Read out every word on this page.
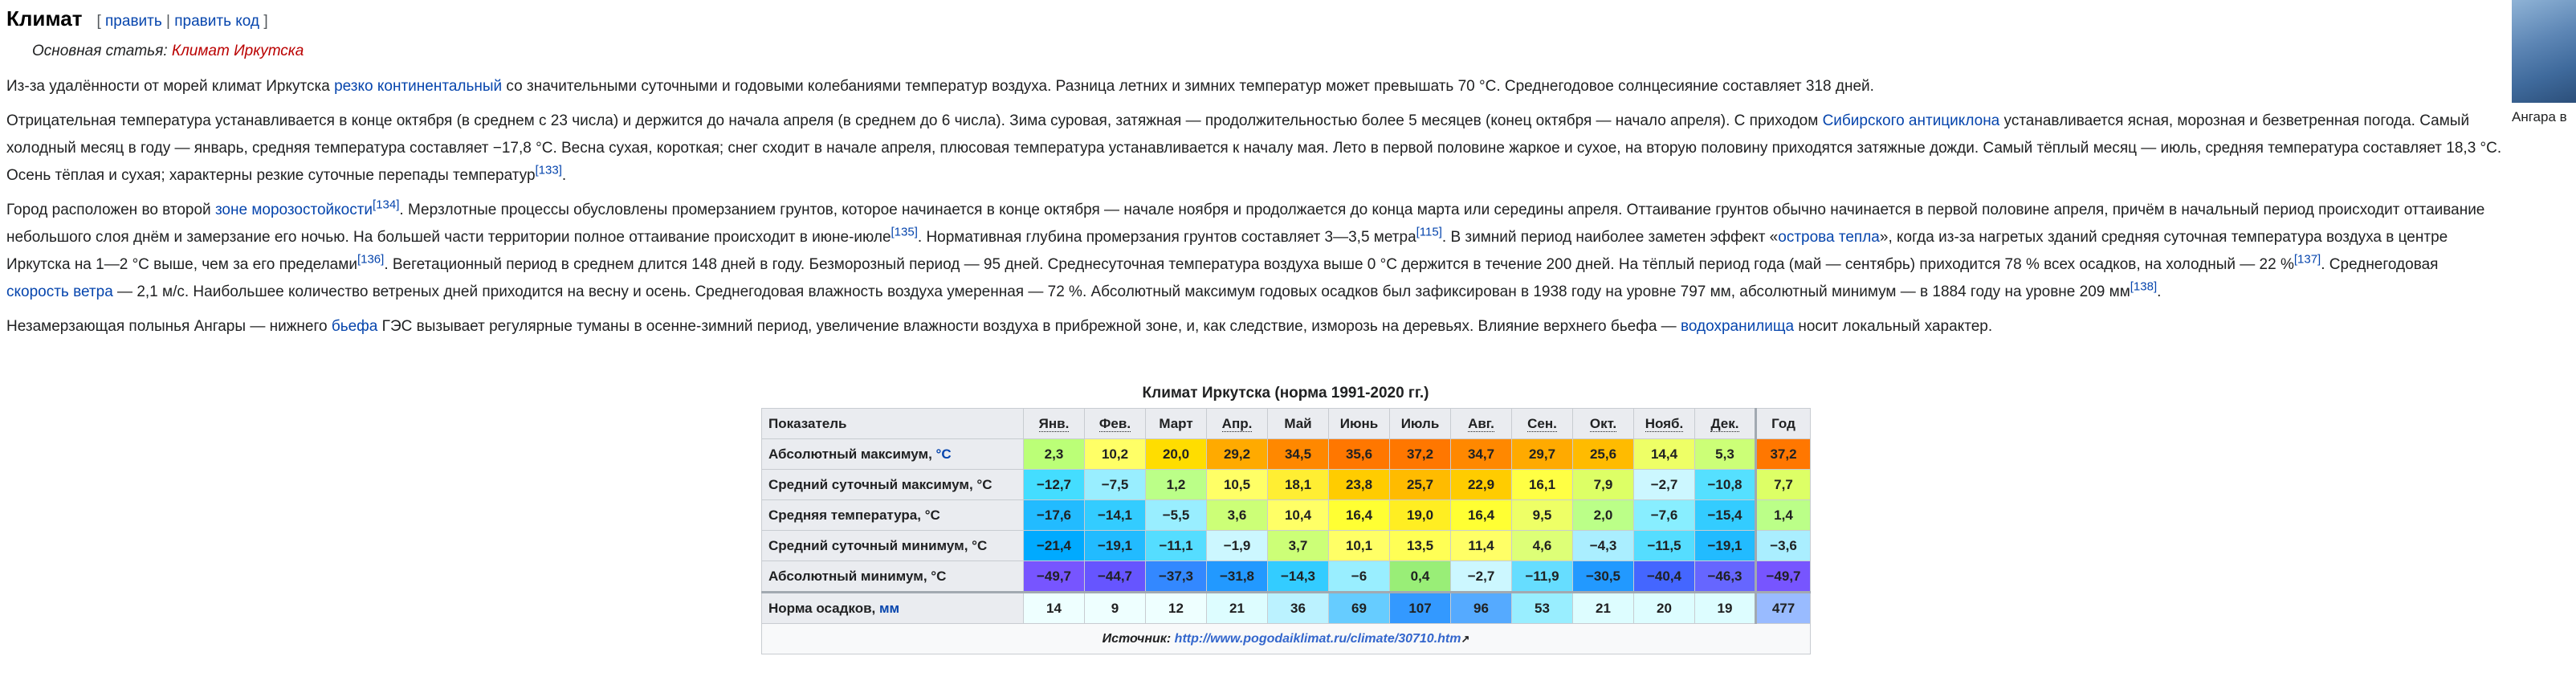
Климат [ править | править код ]
Основная статья: Климат Иркутска

Из-за удалённости от морей климат Иркутска резко континентальный со значительными суточными и годовыми колебаниями температур воздуха. Разница летних и зимних температур может превышать 70 °С. Среднегодовое солнцесияние составляет 318 дней.

Отрицательная температура устанавливается в конце октября (в среднем с 23 числа) и держится до начала апреля (в среднем до 6 числа). Зима суровая, затяжная — продолжительностью более 5 месяцев (конец октября — начало апреля). С приходом Сибирского антициклона устанавливается ясная, морозная и безветренная погода. Самый холодный месяц в году — январь, средняя температура составляет −17,8 °С. Весна сухая, короткая; снег сходит в начале апреля, плюсовая температура устанавливается к началу мая. Лето в первой половине жаркое и сухое, на вторую половину приходятся затяжные дожди. Самый тёплый месяц — июль, средняя температура составляет 18,3 °С. Осень тёплая и сухая; характерны резкие суточные перепады температур[133].

Город расположен во второй зоне морозостойкости[134]. Мерзлотные процессы обусловлены промерзанием грунтов, которое начинается в конце октября — начале ноября и продолжается до конца марта или середины апреля. Оттаивание грунтов обычно начинается в первой половине апреля, причём в начальный период происходит оттаивание небольшого слоя днём и замерзание его ночью. На большей части территории полное оттаивание происходит в июне-июле[135]. Нормативная глубина промерзания грунтов составляет 3—3,5 метра[115]. В зимний период наиболее заметен эффект «острова тепла», когда из-за нагретых зданий средняя суточная температура воздуха в центре Иркутска на 1—2 °С выше, чем за его пределами[136]. Вегетационный период в среднем длится 148 дней в году. Безморозный период — 95 дней. Среднесуточная температура воздуха выше 0 °С держится в течение 200 дней. На тёплый период года (май — сентябрь) приходится 78 % всех осадков, на холодный — 22 %[137]. Среднегодовая скорость ветра — 2,1 м/с. Наибольшее количество ветреных дней приходится на весну и осень. Среднегодовая влажность воздуха умеренная — 72 %. Абсолютный максимум годовых осадков был зафиксирован в 1938 году на уровне 797 мм, абсолютный минимум — в 1884 году на уровне 209 мм[138].

Незамерзающая полынья Ангары — нижнего бьефа ГЭС вызывает регулярные туманы в осенне-зимний период, увеличение влажности воздуха в прибрежной зоне, и, как следствие, изморозь на деревьях. Влияние верхнего бьефа — водохранилища носит локальный характер.

Ангара в
Климат Иркутска (норма 1991-2020 гг.)
Показатель	Янв.	Фев.	Март	Апр.	Май	Июнь	Июль	Авг.	Сен.	Окт.	Нояб.	Дек.	Год
Абсолютный максимум, °C	2,3	10,2	20,0	29,2	34,5	35,6	37,2	34,7	29,7	25,6	14,4	5,3	37,2
Средний суточный максимум, °C	−12,7	−7,5	1,2	10,5	18,1	23,8	25,7	22,9	16,1	7,9	−2,7	−10,8	7,7
Средняя температура, °C	−17,6	−14,1	−5,5	3,6	10,4	16,4	19,0	16,4	9,5	2,0	−7,6	−15,4	1,4
Средний суточный минимум, °C	−21,4	−19,1	−11,1	−1,9	3,7	10,1	13,5	11,4	4,6	−4,3	−11,5	−19,1	−3,6
Абсолютный минимум, °C	−49,7	−44,7	−37,3	−31,8	−14,3	−6	0,4	−2,7	−11,9	−30,5	−40,4	−46,3	−49,7
Норма осадков, мм	14	9	12	21	36	69	107	96	53	21	20	19	477
Источник: http://www.pogodaiklimat.ru/climate/30710.htm↗													
